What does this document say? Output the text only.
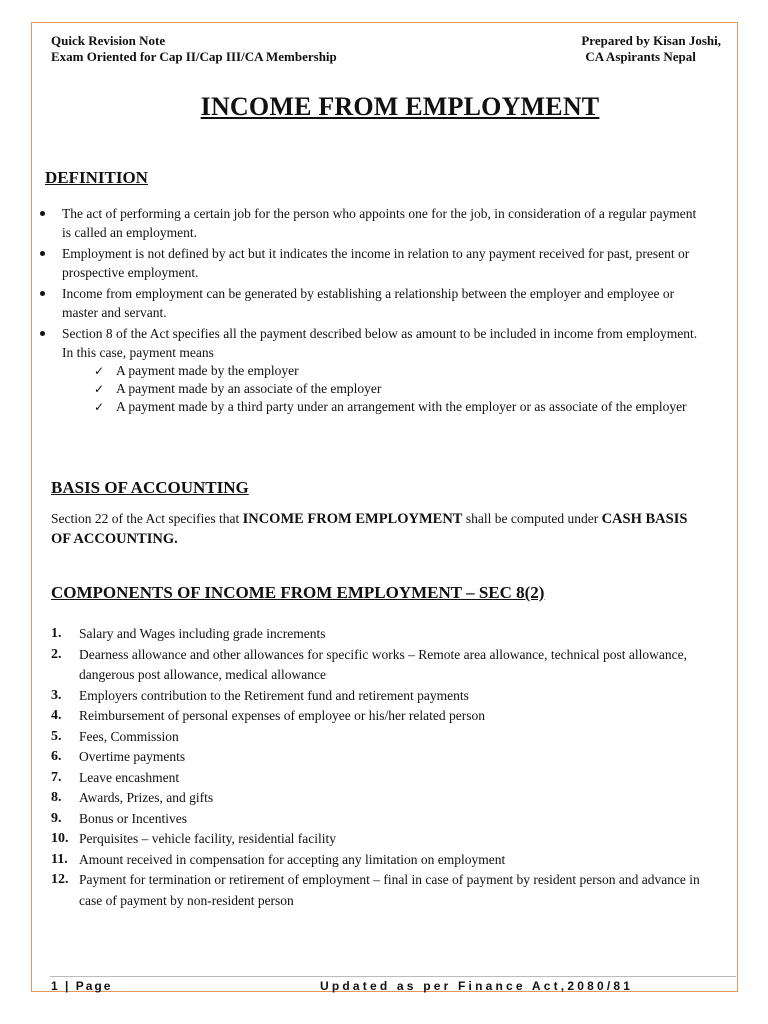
Quick Revision Note
Exam Oriented for Cap II/Cap III/CA Membership
Prepared by Kisan Joshi,
CA Aspirants Nepal
INCOME FROM EMPLOYMENT
DEFINITION
The act of performing a certain job for the person who appoints one for the job, in consideration of a regular payment is called an employment.
Employment is not defined by act but it indicates the income in relation to any payment received for past, present or prospective employment.
Income from employment can be generated by establishing a relationship between the employer and employee or master and servant.
Section 8 of the Act specifies all the payment described below as amount to be included in income from employment. In this case, payment means
✓ A payment made by the employer
✓ A payment made by an associate of the employer
✓ A payment made by a third party under an arrangement with the employer or as associate of the employer
BASIS OF ACCOUNTING
Section 22 of the Act specifies that INCOME FROM EMPLOYMENT shall be computed under CASH BASIS OF ACCOUNTING.
COMPONENTS OF INCOME FROM EMPLOYMENT – SEC 8(2)
1. Salary and Wages including grade increments
2. Dearness allowance and other allowances for specific works – Remote area allowance, technical post allowance, dangerous post allowance, medical allowance
3. Employers contribution to the Retirement fund and retirement payments
4. Reimbursement of personal expenses of employee or his/her related person
5. Fees, Commission
6. Overtime payments
7. Leave encashment
8. Awards, Prizes, and gifts
9. Bonus or Incentives
10. Perquisites – vehicle facility, residential facility
11. Amount received in compensation for accepting any limitation on employment
12. Payment for termination or retirement of employment – final in case of payment by resident person and advance in case of payment by non-resident person
1 | Page	Updated as per Finance Act,2080/81
